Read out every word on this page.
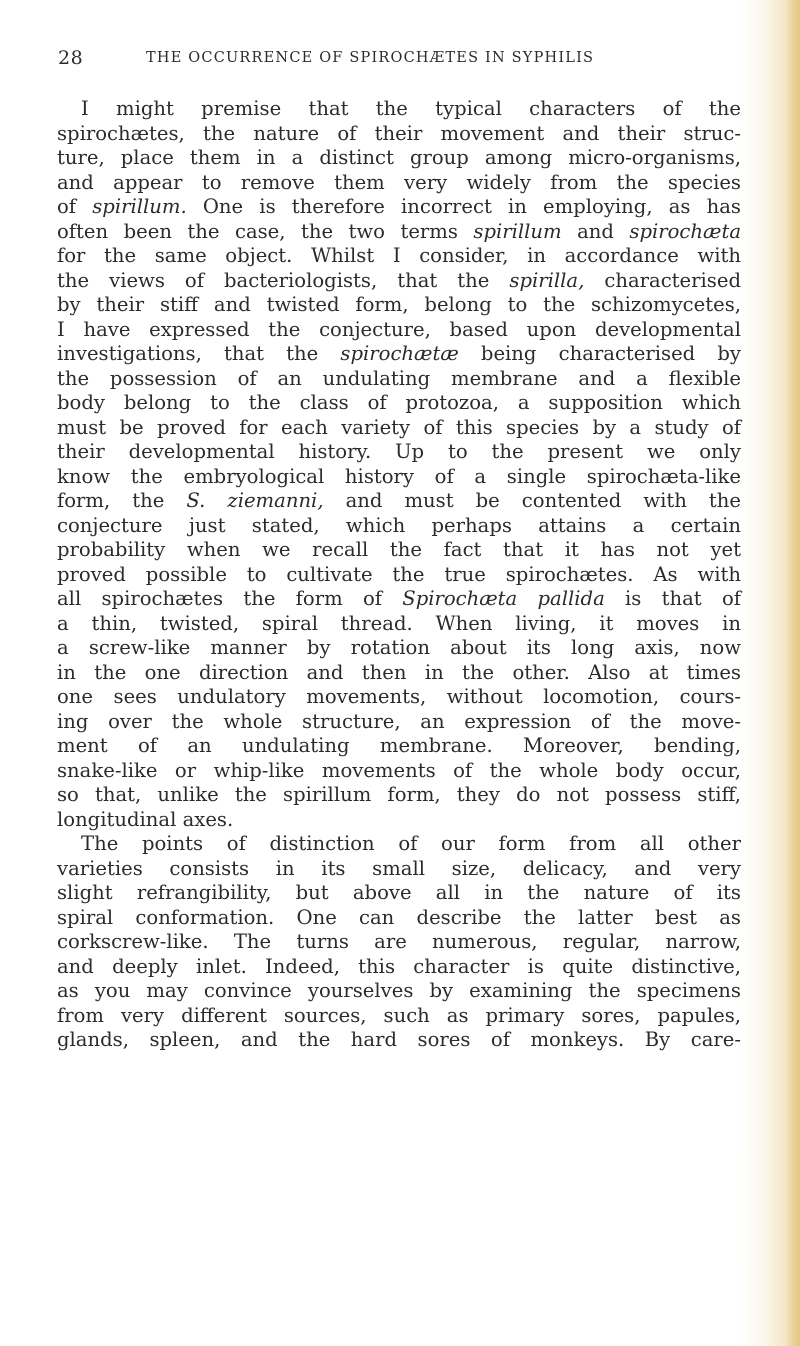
28	THE OCCURRENCE OF SPIROCHÆTES IN SYPHILIS
I might premise that the typical characters of the
spirochætes, the nature of their movement and their struc-
ture, place them in a distinct group among micro-organisms,
and appear to remove them very widely from the species
of spirillum. One is therefore incorrect in employing, as has
often been the case, the two terms spirillum and spirochæta
for the same object. Whilst I consider, in accordance with
the views of bacteriologists, that the spirilla, characterised
by their stiff and twisted form, belong to the schizomycetes,
I have expressed the conjecture, based upon developmental
investigations, that the spirochætæ being characterised by
the possession of an undulating membrane and a flexible
body belong to the class of protozoa, a supposition which
must be proved for each variety of this species by a study of
their developmental history. Up to the present we only
know the embryological history of a single spirochæta-like
form, the S. ziemanni, and must be contented with the
conjecture just stated, which perhaps attains a certain
probability when we recall the fact that it has not yet
proved possible to cultivate the true spirochætes. As with
all spirochætes the form of Spirochæta pallida is that of
a thin, twisted, spiral thread. When living, it moves in
a screw-like manner by rotation about its long axis, now
in the one direction and then in the other. Also at times
one sees undulatory movements, without locomotion, cours-
ing over the whole structure, an expression of the move-
ment of an undulating membrane. Moreover, bending,
snake-like or whip-like movements of the whole body occur,
so that, unlike the spirillum form, they do not possess stiff,
longitudinal axes.
The points of distinction of our form from all other
varieties consists in its small size, delicacy, and very
slight refrangibility, but above all in the nature of its
spiral conformation. One can describe the latter best as
corkscrew-like. The turns are numerous, regular, narrow,
and deeply inlet. Indeed, this character is quite distinctive,
as you may convince yourselves by examining the specimens
from very different sources, such as primary sores, papules,
glands, spleen, and the hard sores of monkeys. By care-
